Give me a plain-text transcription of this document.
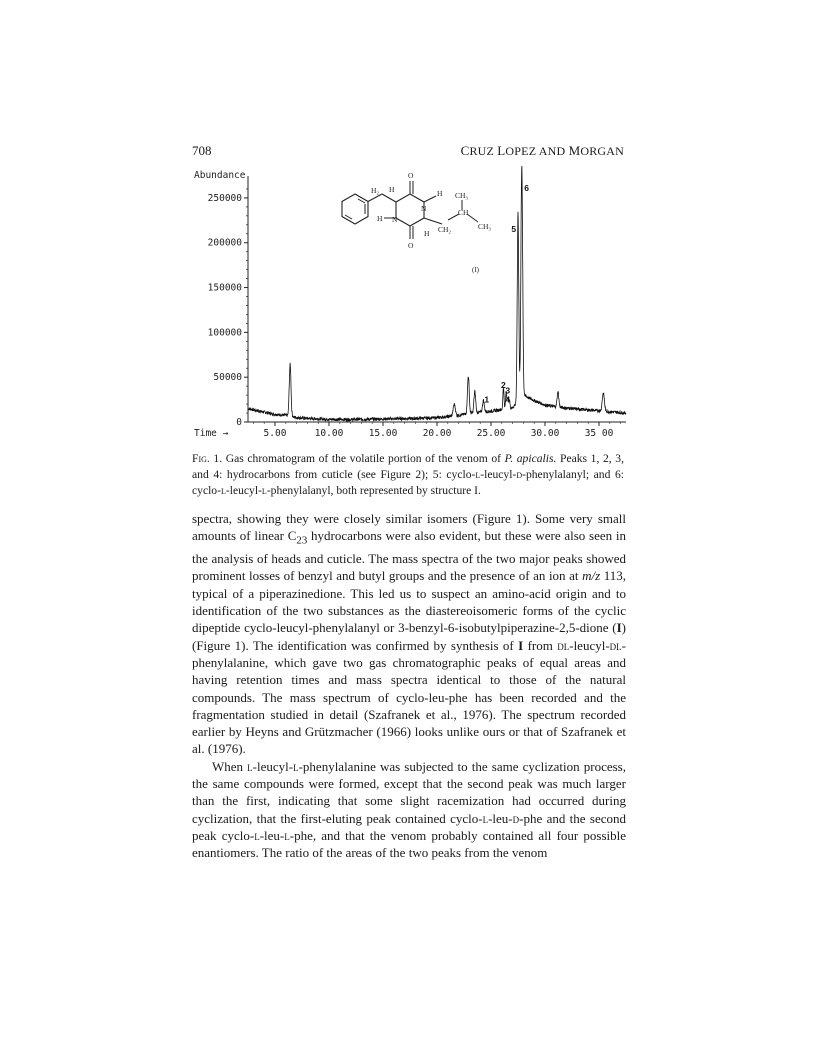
708	CRUZ LOPEZ AND MORGAN
0
50000
100000
150000
200000
250000
5.00	10.00	15.00	20.00	25.00	30.00	35 00
Abundance
Time →
1
2
3
4
5
6
H₂ H
O
N
H CH₃
CH
CH₃
CH₂
N
H
O
H
(I)
Fig. 1. Gas chromatogram of the volatile portion of the venom of P. apicalis. Peaks 1, 2, 3, and 4: hydrocarbons from cuticle (see Figure 2); 5: cyclo-l-leucyl-d-phenylalanyl; and 6: cyclo-l-leucyl-l-phenylalanyl, both represented by structure I.

spectra, showing they were closely similar isomers (Figure 1). Some very small amounts of linear $C_{23}$ hydrocarbons were also evident, but these were also seen in the analysis of heads and cuticle. The mass spectra of the two major peaks showed prominent losses of benzyl and butyl groups and the presence of an ion at m/z 113, typical of a piperazinedione. This led us to suspect an amino-acid origin and to identification of the two substances as the diastereoisomeric forms of the cyclic dipeptide cyclo-leucyl-phenylalanyl or 3-benzyl-6-isobutylpiperazine-2,5-dione (I) (Figure 1). The identification was confirmed by synthesis of I from dl-leucyl-dl-phenylalanine, which gave two gas chromatographic peaks of equal areas and having retention times and mass spectra identical to those of the natural compounds. The mass spectrum of cyclo-leu-phe has been recorded and the fragmentation studied in detail (Szafranek et al., 1976). The spectrum recorded earlier by Heyns and Grützmacher (1966) looks unlike ours or that of Szafranek et al. (1976).

When l-leucyl-l-phenylalanine was subjected to the same cyclization process, the same compounds were formed, except that the second peak was much larger than the first, indicating that some slight racemization had occurred during cyclization, that the first-eluting peak contained cyclo-l-leu-d-phe and the second peak cyclo-l-leu-l-phe, and that the venom probably contained all four possible enantiomers. The ratio of the areas of the two peaks from the venom
